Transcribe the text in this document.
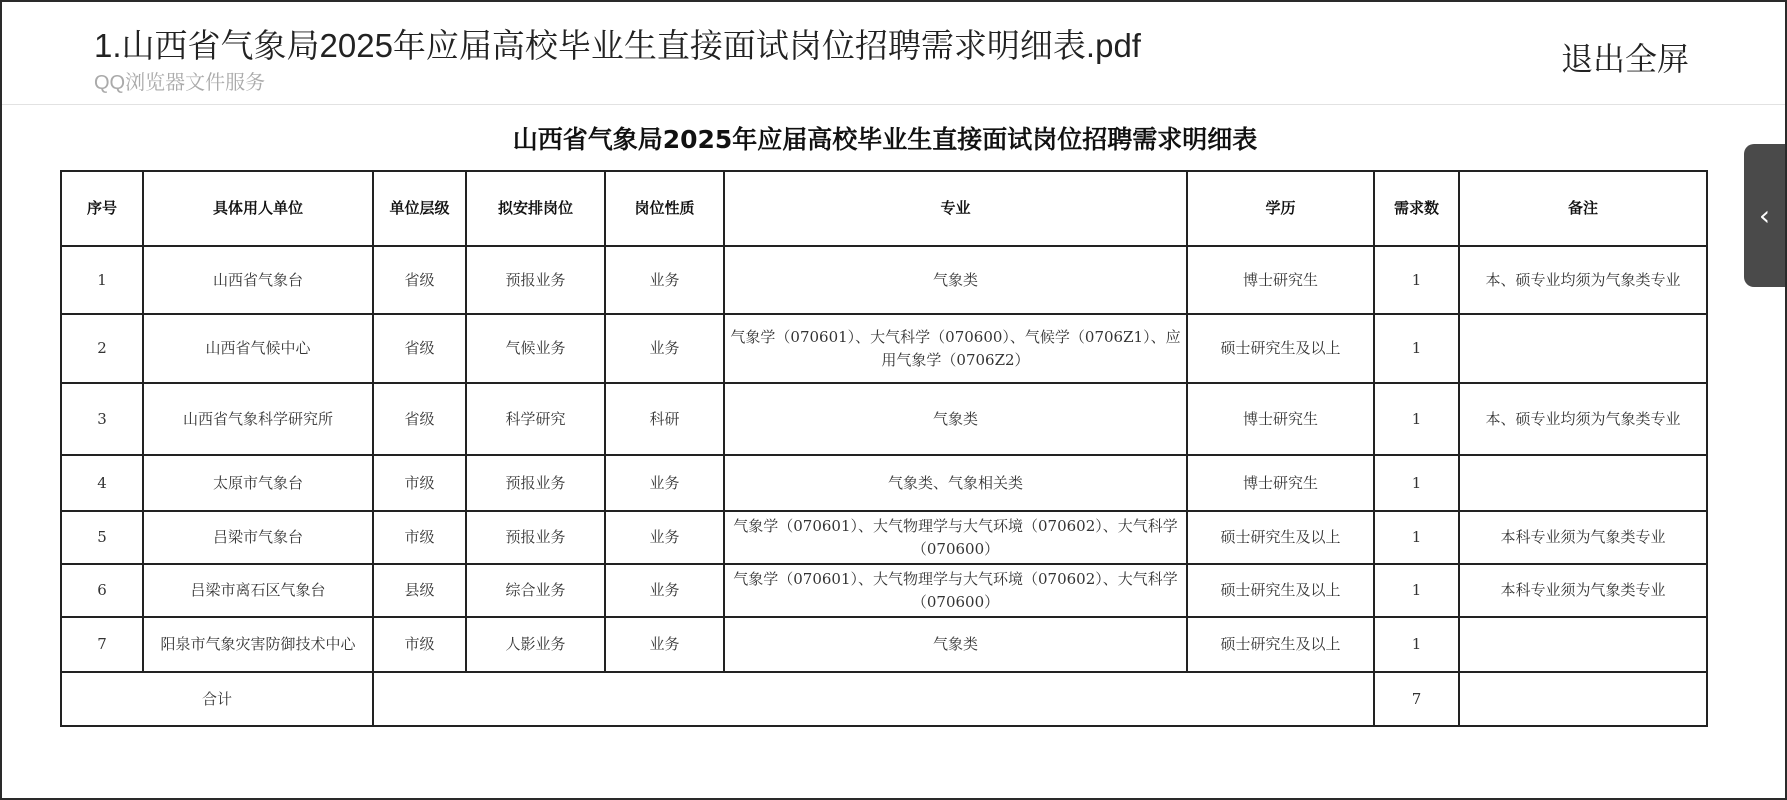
1.山西省气象局2025年应届高校毕业生直接面试岗位招聘需求明细表.pdf
QQ浏览器文件服务
退出全屏
山西省气象局2025年应届高校毕业生直接面试岗位招聘需求明细表
序号	具体用人单位	单位层级	拟安排岗位	岗位性质	专业	学历	需求数	备注
1	山西省气象台	省级	预报业务	业务	气象类	博士研究生	1	本、硕专业均须为气象类专业
2	山西省气候中心	省级	气候业务	业务	气象学（070601）、大气科学（070600）、气候学（0706Z1）、应用气象学（0706Z2）	硕士研究生及以上	1	
3	山西省气象科学研究所	省级	科学研究	科研	气象类	博士研究生	1	本、硕专业均须为气象类专业
4	太原市气象台	市级	预报业务	业务	气象类、气象相关类	博士研究生	1	
5	吕梁市气象台	市级	预报业务	业务	气象学（070601）、大气物理学与大气环境（070602）、大气科学（070600）	硕士研究生及以上	1	本科专业须为气象类专业
6	吕梁市离石区气象台	县级	综合业务	业务	气象学（070601）、大气物理学与大气环境（070602）、大气科学（070600）	硕士研究生及以上	1	本科专业须为气象类专业
7	阳泉市气象灾害防御技术中心	市级	人影业务	业务	气象类	硕士研究生及以上	1	
合计							7	
‹
